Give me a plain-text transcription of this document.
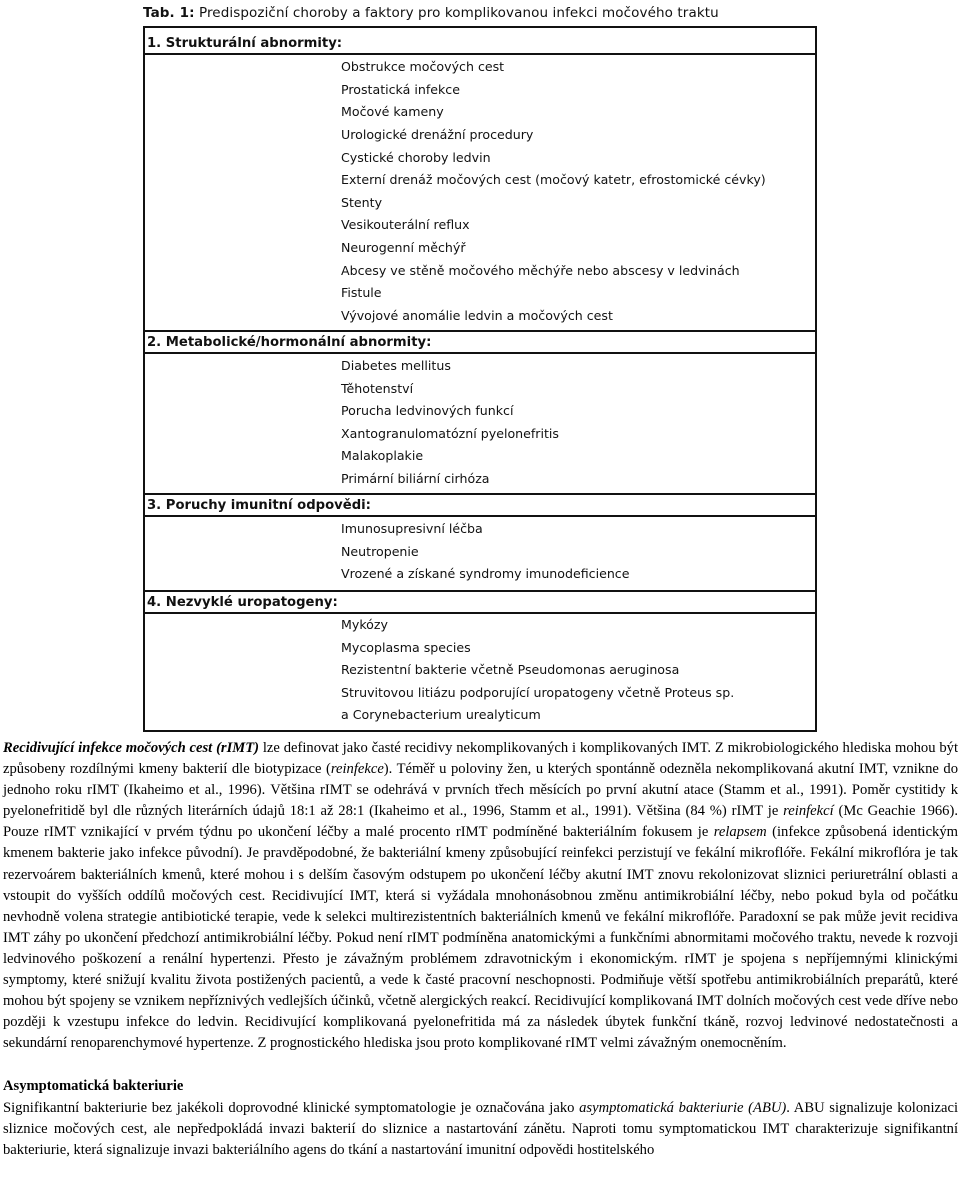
Tab. 1: Predispoziční choroby a faktory pro komplikovanou infekci močového traktu
1. Strukturální abnormity:
Obstrukce močových cest
Prostatická infekce
Močové kameny
Urologické drenážní procedury
Cystické choroby ledvin
Externí drenáž močových cest (močový katetr, efrostomické cévky)
Stenty
Vesikouterální reflux
Neurogenní měchýř
Abcesy ve stěně močového měchýře nebo abscesy v ledvinách
Fistule
Vývojové anomálie ledvin a močových cest
2. Metabolické/hormonální abnormity:
Diabetes mellitus
Těhotenství
Porucha ledvinových funkcí
Xantogranulomatózní pyelonefritis
Malakoplakie
Primární biliární cirhóza
3. Poruchy imunitní odpovědi:
Imunosupresivní léčba
Neutropenie
Vrozené a získané syndromy imunodeficience
4. Nezvyklé uropatogeny:
Mykózy
Mycoplasma species
Rezistentní bakterie včetně Pseudomonas aeruginosa
Struvitovou litiázu podporující uropatogeny včetně Proteus sp.
a Corynebacterium urealyticum

Recidivující infekce močových cest (rIMT) lze definovat jako časté recidivy nekomplikovaných i komplikovaných IMT. Z mikrobiologického hlediska mohou být způsobeny rozdílnými kmeny bakterií dle biotypizace (reinfekce). Téměř u poloviny žen, u kterých spontánně odezněla nekomplikovaná akutní IMT, vznikne do jednoho roku rIMT (Ikaheimo et al., 1996). Většina rIMT se odehrává v prvních třech měsících po první akutní atace (Stamm et al., 1991). Poměr cystitidy k pyelonefritidě byl dle různých literárních údajů 18:1 až 28:1 (Ikaheimo et al., 1996, Stamm et al., 1991). Většina (84 %) rIMT je reinfekcí (Mc Geachie 1966). Pouze rIMT vznikající v prvém týdnu po ukončení léčby a malé procento rIMT podmíněné bakteriálním fokusem je relapsem (infekce způsobená identickým kmenem bakterie jako infekce původní). Je pravděpodobné, že bakteriální kmeny způsobující reinfekci perzistují ve fekální mikroflóře. Fekální mikroflóra je tak rezervoárem bakteriálních kmenů, které mohou i s delším časovým odstupem po ukončení léčby akutní IMT znovu rekolonizovat sliznici periuretrální oblasti a vstoupit do vyšších oddílů močových cest. Recidivující IMT, která si vyžádala mnohonásobnou změnu antimikrobiální léčby, nebo pokud byla od počátku nevhodně volena strategie antibiotické terapie, vede k selekci multirezistentních bakteriálních kmenů ve fekální mikroflóře. Paradoxní se pak může jevit recidiva IMT záhy po ukončení předchozí antimikrobiální léčby. Pokud není rIMT podmíněna anatomickými a funkčními abnormitami močového traktu, nevede k rozvoji ledvinového poškození a renální hypertenzi. Přesto je závažným problémem zdravotnickým i ekonomickým. rIMT je spojena s nepříjemnými klinickými symptomy, které snižují kvalitu života postižených pacientů, a vede k časté pracovní neschopnosti. Podmiňuje větší spotřebu antimikrobiálních preparátů, které mohou být spojeny se vznikem nepříznivých vedlejších účinků, včetně alergických reakcí. Recidivující komplikovaná IMT dolních močových cest vede dříve nebo později k vzestupu infekce do ledvin. Recidivující komplikovaná pyelonefritida má za následek úbytek funkční tkáně, rozvoj ledvinové nedostatečnosti a sekundární renoparenchymové hypertenze. Z prognostického hlediska jsou proto komplikované rIMT velmi závažným onemocněním.

Asymptomatická bakteriurie

Signifikantní bakteriurie bez jakékoli doprovodné klinické symptomatologie je označována jako asymptomatická bakteriurie (ABU). ABU signalizuje kolonizaci sliznice močových cest, ale nepředpokládá invazi bakterií do sliznice a nastartování zánětu. Naproti tomu symptomatickou IMT charakterizuje signifikantní bakteriurie, která signalizuje invazi bakteriálního agens do tkání a nastartování imunitní odpovědi hostitelského
